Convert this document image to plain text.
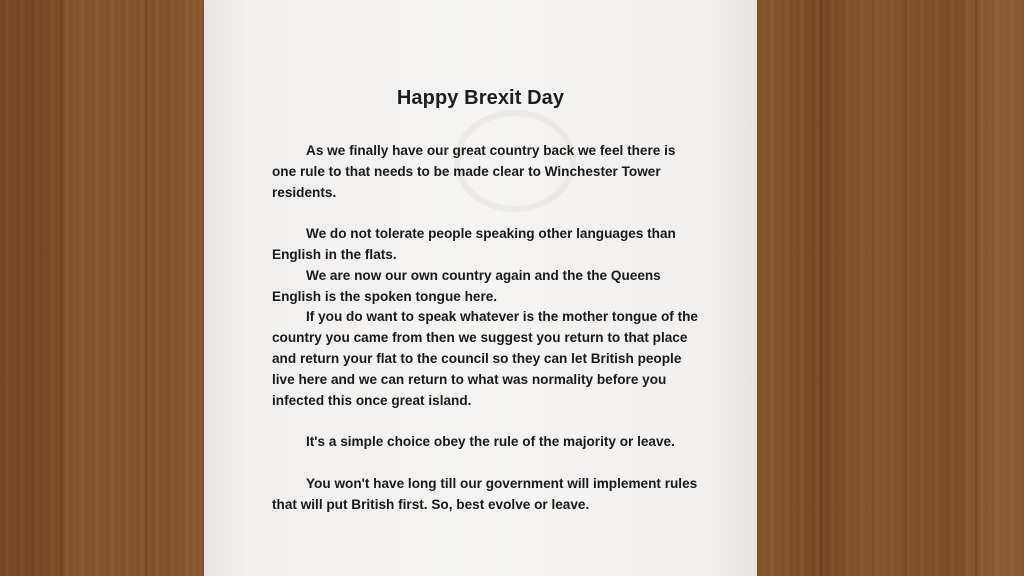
Happy Brexit Day

As we finally have our great country back we feel there is one rule to that needs to be made clear to Winchester Tower residents.

We do not tolerate people speaking other languages than English in the flats.

We are now our own country again and the the Queens English is the spoken tongue here.

If you do want to speak whatever is the mother tongue of the country you came from then we suggest you return to that place and return your flat to the council so they can let British people live here and we can return to what was normality before you infected this once great island.

It's a simple choice obey the rule of the majority or leave.

You won't have long till our government will implement rules that will put British first. So, best evolve or leave.
